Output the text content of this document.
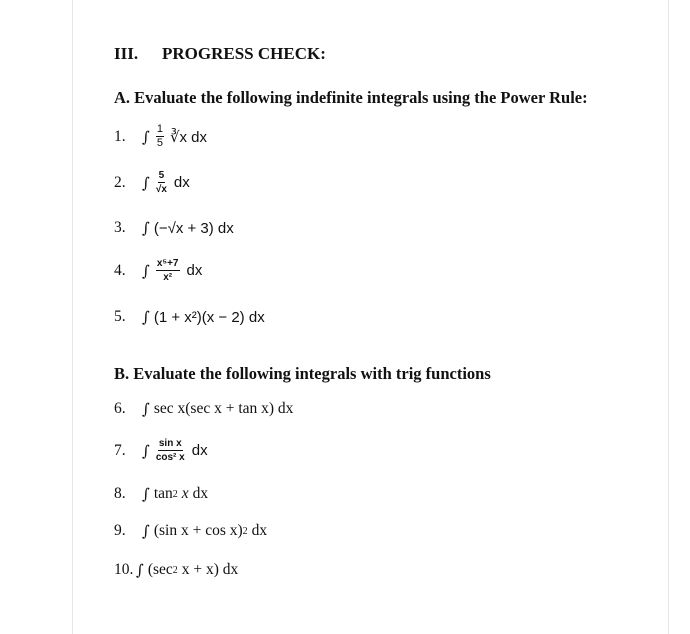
III. PROGRESS CHECK:
A. Evaluate the following indefinite integrals using the Power Rule:
1.	∫ $\frac{1}{5}$ ∛x dx
2.	∫ $\frac{5}{√x}$ dx
3.	∫ (−√x + 3) dx
4.	∫ $\frac{\text{x⁵+7}}{\text{x²}}$ dx
5.	∫ (1 + x²)(x − 2) dx
B. Evaluate the following integrals with trig functions
6.	∫ sec x(sec x + tan x) dx
7.	∫ $\frac{\text{sin x}}{\text{cos² x}}$ dx
8.	∫ tan 2 x dx
9.	∫ (sin x + cos x) 2 dx
10. ∫ (sec 2 x + x) dx
